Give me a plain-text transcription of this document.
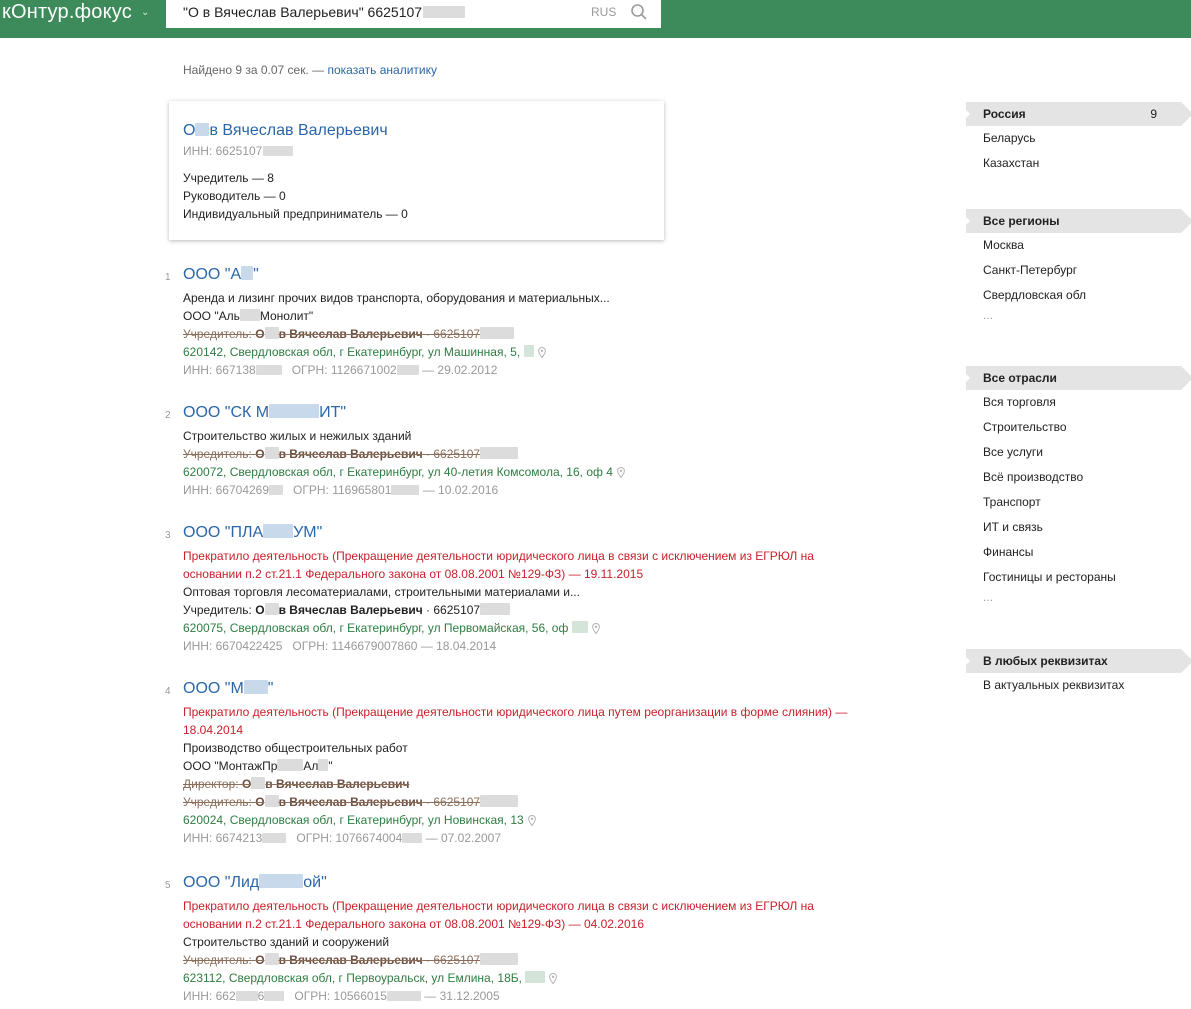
кOнтур.фокус ⌄ "О в Вячеслав Валерьевич" 6625107	RUS
Найдено 9 за 0.07 сек. — показать аналитику
О в Вячеслав Валерьевич
ИНН: 6625107
Учредитель — 8
Руководитель — 0
Индивидуальный предприниматель — 0
1 ООО "А "
Аренда и лизинг прочих видов транспорта, оборудования и материальных...
ООО "Аль Монолит"
Учредитель: О в Вячеслав Валерьевич · 6625107
620142, Свердловская обл, г Екатеринбург, ул Машинная, 5,
ИНН: 667138	ОГРН: 1126671002 — 29.02.2012
2 ООО "СК М	ИТ"
Строительство жилых и нежилых зданий
Учредитель: О в Вячеслав Валерьевич · 6625107
620072, Свердловская обл, г Екатеринбург, ул 40-летия Комсомола, 16, оф 4
ИНН: 66704269 ОГРН: 116965801	— 10.02.2016
3 ООО "ПЛА УМ"
Прекратило деятельность (Прекращение деятельности юридического лица в связи с исключением из ЕГРЮЛ на
основании п.2 ст.21.1 Федерального закона от 08.08.2001 №129-ФЗ) — 19.11.2015
Оптовая торговля лесоматериалами, строительными материалами и...
Учредитель: О в Вячеслав Валерьевич · 6625107
620075, Свердловская обл, г Екатеринбург, ул Первомайская, 56, оф
ИНН: 6670422425 ОГРН: 1146679007860 — 18.04.2014
4 ООО "М "
Прекратило деятельность (Прекращение деятельности юридического лица путем реорганизации в форме слияния) —
18.04.2014
Производство общестроительных работ
ООО "МонтажПр Ал "
Директор: О в Вячеслав Валерьевич
Учредитель: О в Вячеслав Валерьевич · 6625107
620024, Свердловская обл, г Екатеринбург, ул Новинская, 13
ИНН: 6674213	ОГРН: 1076674004 — 07.02.2007
5 ООО "Лид	ой"
Прекратило деятельность (Прекращение деятельности юридического лица в связи с исключением из ЕГРЮЛ на
основании п.2 ст.21.1 Федерального закона от 08.08.2001 №129-ФЗ) — 04.02.2016
Строительство зданий и сооружений
Учредитель: О в Вячеслав Валерьевич · 6625107
623112, Свердловская обл, г Первоуральск, ул Емлина, 18Б,
ИНН: 662 6	ОГРН: 10566015	— 31.12.2005
Россия	9
Беларусь
Казахстан
Все регионы
Москва
Санкт-Петербург
Свердловская обл
...
Все отрасли
Вся торговля
Строительство
Все услуги
Всё производство
Транспорт
ИТ и связь
Финансы
Гостиницы и рестораны
...
В любых реквизитах
В актуальных реквизитах
